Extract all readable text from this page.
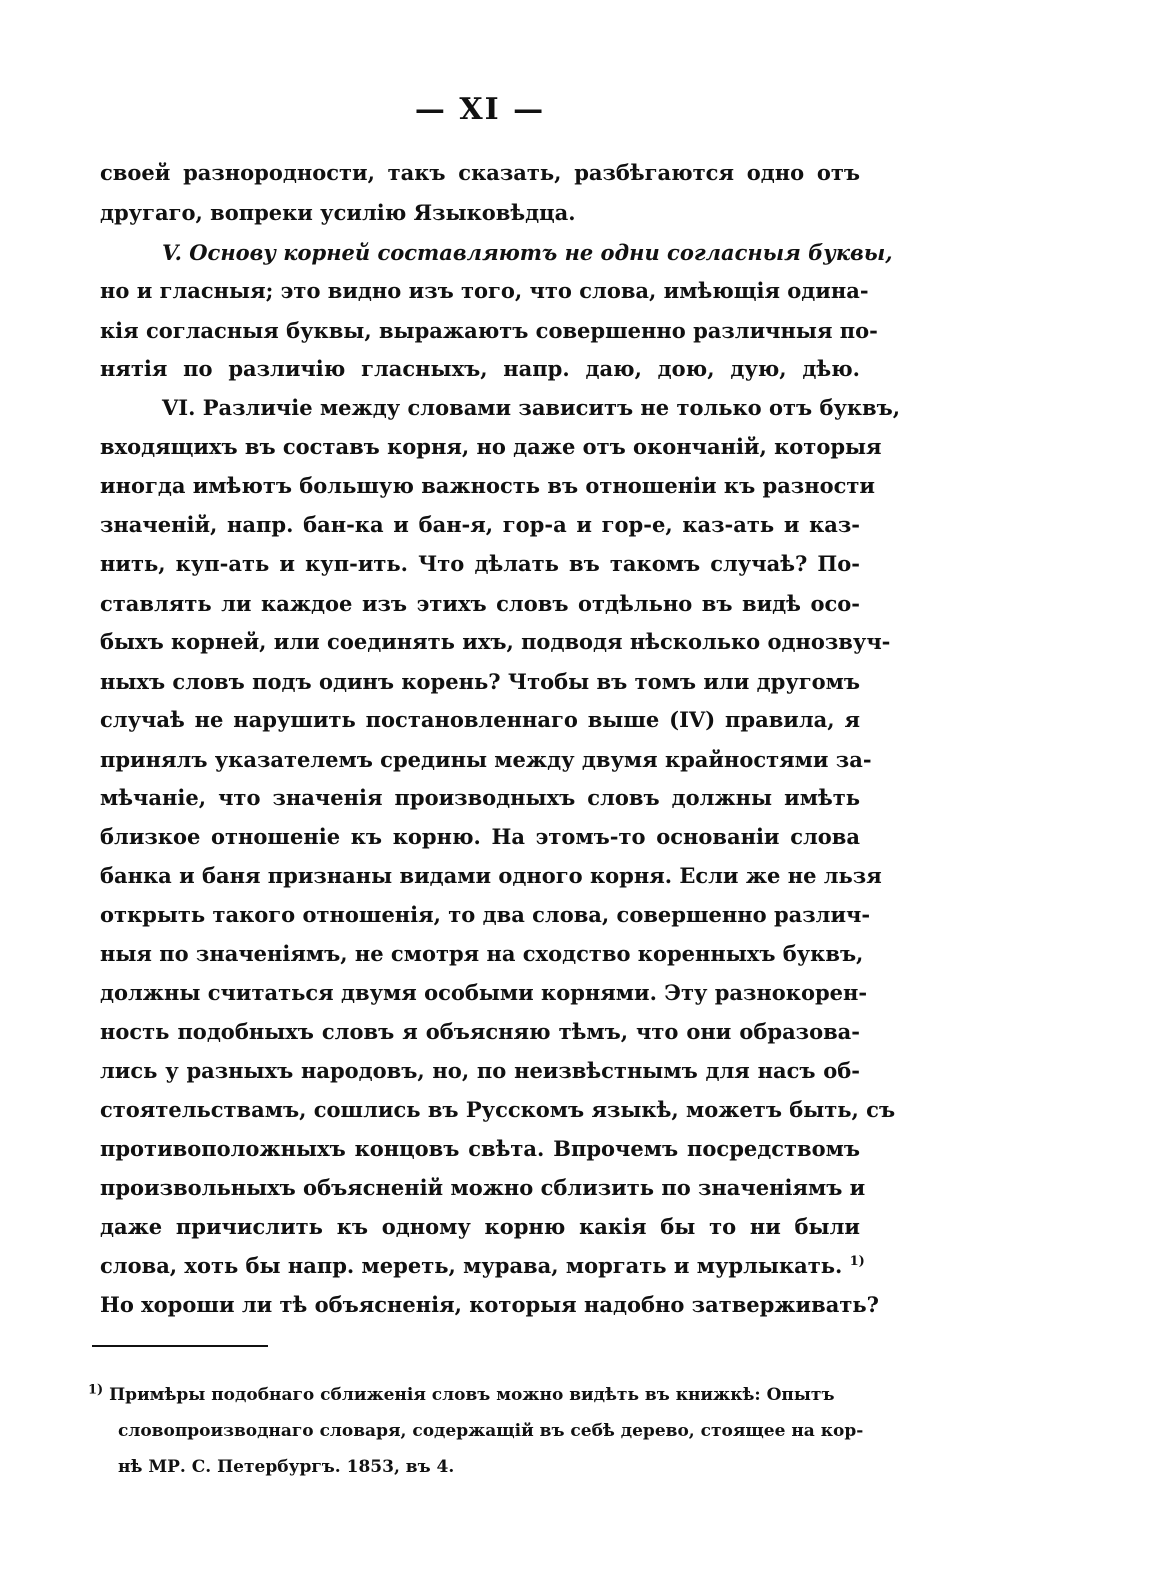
— XI —
своей разнородности, такъ сказать, разбѣгаются одно отъ
другаго, вопреки усилію Языковѣдца.
V. Основу корней составляютъ не одни согласныя буквы,
но и гласныя; это видно изъ того, что слова, имѣющія одина-
кія согласныя буквы, выражаютъ совершенно различныя по-
нятія по различію гласныхъ, напр. даю, дою, дую, дѣю.
VI. Различіе между словами зависитъ не только отъ буквъ,
входящихъ въ составъ корня, но даже отъ окончаній, которыя
иногда имѣютъ большую важность въ отношеніи къ разности
значеній, напр. бан-ка и бан-я, гор-а и гор-е, каз-ать и каз-
нить, куп-ать и куп-ить. Что дѣлать въ такомъ случаѣ? По-
ставлять ли каждое изъ этихъ словъ отдѣльно въ видѣ осо-
быхъ корней, или соединять ихъ, подводя нѣсколько однозвуч-
ныхъ словъ подъ одинъ корень? Чтобы въ томъ или другомъ
случаѣ не нарушить постановленнаго выше (IV) правила, я
принялъ указателемъ средины между двумя крайностями за-
мѣчаніе, что значенія производныхъ словъ должны имѣть
близкое отношеніе къ корню. На этомъ-то основаніи слова
банка и баня признаны видами одного корня. Если же не льзя
открыть такого отношенія, то два слова, совершенно различ-
ныя по значеніямъ, не смотря на сходство коренныхъ буквъ,
должны считаться двумя особыми корнями. Эту разнокорен-
ность подобныхъ словъ я объясняю тѣмъ, что они образова-
лись у разныхъ народовъ, но, по неизвѣстнымъ для насъ об-
стоятельствамъ, сошлись въ Русскомъ языкѣ, можетъ быть, съ
противоположныхъ концовъ свѣта. Впрочемъ посредствомъ
произвольныхъ объясненій можно сблизить по значеніямъ и
даже причислить къ одному корню какія бы то ни были
слова, хоть бы напр. мереть, мурава, моргать и мурлыкать. $^{1)}$
Но хороши ли тѣ объясненія, которыя надобно затверживать?
$^{1)}$ Примѣры подобнаго сближенія словъ можно видѣть въ книжкѣ: Опытъ
словопроизводнаго словаря, содержащій въ себѣ дерево, стоящее на кор-
нѣ МР. С. Петербургъ. 1853, въ 4.
